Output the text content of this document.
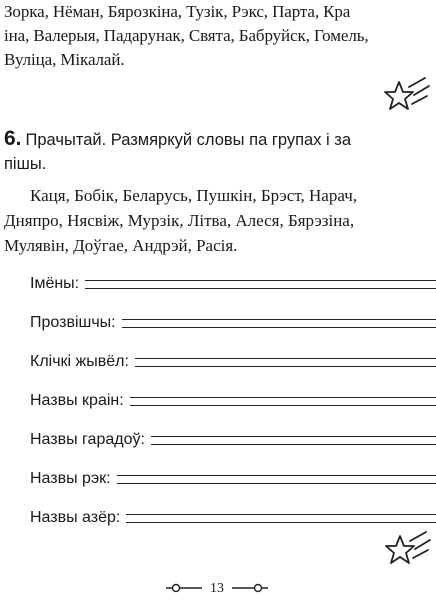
Зорка, Нёман, Бярозкіна, Тузік, Рэкс, Парта, Кра
іна, Валерыя, Падарунак, Свята, Бабруйск, Гомель,
Вуліца, Мікалай.
6. Прачытай. Размяркуй словы па групах і за
пішы.
Каця, Бобік, Беларусь, Пушкін, Брэст, Нарач,
Дняпро, Нясвіж, Мурзік, Літва, Алеся, Бярэзіна,
Мулявін, Доўгае, Андрэй, Расія.
Імёны:
Прозвішчы:
Клічкі жывёл:
Назвы краін:
Назвы гарадоў:
Назвы рэк:
Назвы азёр:
13
